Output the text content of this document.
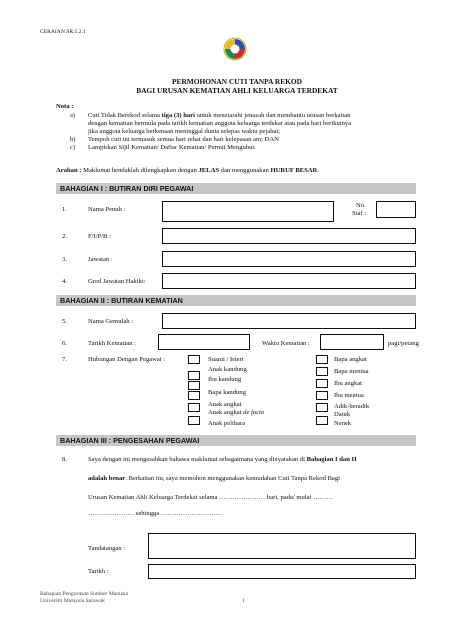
CERAIAN SR.5.2.1
PERMOHONAN CUTI TANPA REKOD
BAGI URUSAN KEMATIAN AHLI KELUARGA TERDEKAT
Nota :
a) Cuti Tidak Berekod selama tiga (3) hari untuk menziarahi jenazah dan membantu urusan berkaitan
dengan kematian bermula pada tarikh kematian anggota keluarga terdekat atau pada hari berikutnya
jika anggota keluarga berkenaan meninggal dunia selepas waktu pejabat;
b) Tempoh cuti ini termasuk semua hari rehat dan hari kelepasan am; DAN
c) Lampirkan Sijil Kematian/ Daftar Kematian/ Permit Mengubur.
Arahan : Maklumat hendaklah dilengkapkan dengan JELAS dan menggunakan HURUF BESAR.
BAHAGIAN I : BUTIRAN DIRI PEGAWAI
1.	Nama Penuh :
No.
Staf :
2.	F/I/P/B :
3.	Jawatan :
4.	Gred Jawatan Hakiki:
BAHAGIAN II : BUTIRAN KEMATIAN
5.	Nama Gemulah :
6.	Tarikh Kematian :	Waktu Kematian :	pagi/petang
7.	Hubungan Dengan Pegawai :	Suami / Isteri
Anak kandung
Ibu kandung
Bapa kandung
Anak angkat
Anak angkat de facto
Anak pelihara
Bapa angkat
Bapa mentua
Ibu angkat
Ibu mentua
Adik-beradik
Datuk
Nenek
BAHAGIAN III : PENGESAHAN PEGAWAI
8.	Saya dengan ini mengesahkan bahawa maklumat sebagaimana yang dinyatakan di Bahagian I dan II
adalah benar. Berkaitan itu, saya memohon menggunakan kemudahan Cuti Tanpa Rekod Bagi
Urusan Kematian Ahli Keluarga Terdekat selama ………………… hari, pada/ mulai ………
………………… sehingga ……………………….
Tandatangan :
Tarikh :
Bahagian Pengurusan Sumber Manusia
Universiti Malaysia Sarawak	1
